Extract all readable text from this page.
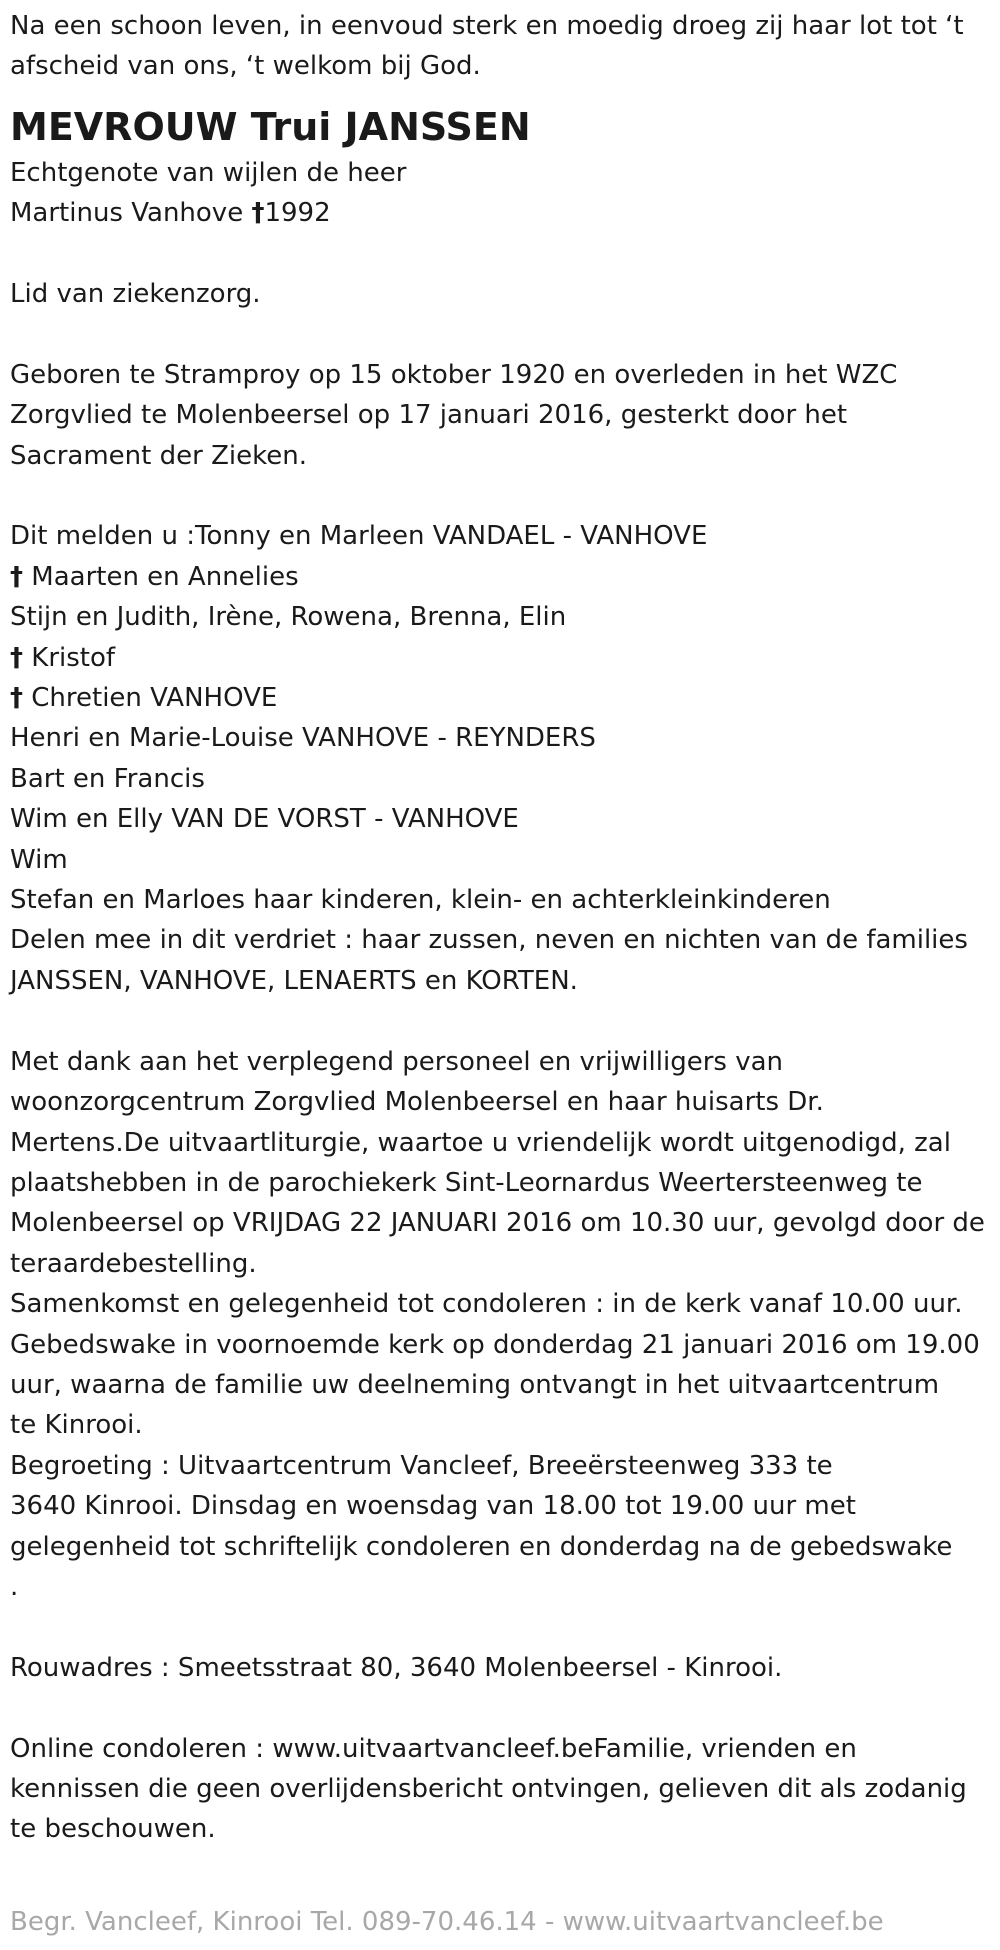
Na een schoon leven, in eenvoud sterk en moedig droeg zij haar lot tot ‘t

afscheid van ons, ‘t welkom bij God.

MEVROUW Trui JANSSEN

Echtgenote van wijlen de heer

Martinus Vanhove †1992

Lid van ziekenzorg.

Geboren te Stramproy op 15 oktober 1920 en overleden in het WZC

Zorgvlied te Molenbeersel op 17 januari 2016, gesterkt door het

Sacrament der Zieken.

Dit melden u :Tonny en Marleen VANDAEL - VANHOVE

† Maarten en Annelies

Stijn en Judith, Irène, Rowena, Brenna, Elin

† Kristof

† Chretien VANHOVE

Henri en Marie-Louise VANHOVE - REYNDERS

Bart en Francis

Wim en Elly VAN DE VORST - VANHOVE

Wim

Stefan en Marloes haar kinderen, klein- en achterkleinkinderen

Delen mee in dit verdriet : haar zussen, neven en nichten van de families

JANSSEN, VANHOVE, LENAERTS en KORTEN.

Met dank aan het verplegend personeel en vrijwilligers van

woonzorgcentrum Zorgvlied Molenbeersel en haar huisarts Dr.

Mertens.De uitvaartliturgie, waartoe u vriendelijk wordt uitgenodigd, zal

plaatshebben in de parochiekerk Sint-Leornardus Weertersteenweg te

Molenbeersel op VRIJDAG 22 JANUARI 2016 om 10.30 uur, gevolgd door de

teraardebestelling.

Samenkomst en gelegenheid tot condoleren : in de kerk vanaf 10.00 uur.

Gebedswake in voornoemde kerk op donderdag 21 januari 2016 om 19.00

uur, waarna de familie uw deelneming ontvangt in het uitvaartcentrum

te Kinrooi.

Begroeting : Uitvaartcentrum Vancleef, Breeërsteenweg 333 te

3640 Kinrooi. Dinsdag en woensdag van 18.00 tot 19.00 uur met

gelegenheid tot schriftelijk condoleren en donderdag na de gebedswake

.

Rouwadres : Smeetsstraat 80, 3640 Molenbeersel - Kinrooi.

Online condoleren : www.uitvaartvancleef.beFamilie, vrienden en

kennissen die geen overlijdensbericht ontvingen, gelieven dit als zodanig

te beschouwen.

Begr. Vancleef, Kinrooi Tel. 089-70.46.14 - www.uitvaartvancleef.be
